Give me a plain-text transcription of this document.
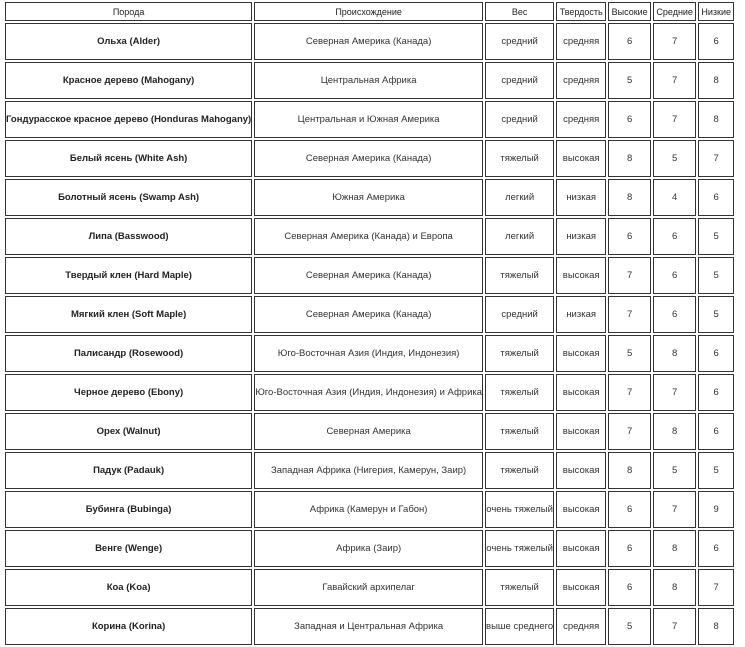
Порода	Происхождение	Вес	Твердость	Высокие	Средние	Низкие
Ольха (Alder)	Северная Америка (Канада)	средний	средняя	6	7	6
Красное дерево (Mahogany)	Центральная Африка	средний	средняя	5	7	8
Гондурасское красное дерево (Honduras Mahogany)	Центральная и Южная Америка	средний	средняя	6	7	8
Белый ясень (White Ash)	Северная Америка (Канада)	тяжелый	высокая	8	5	7
Болотный ясень (Swamp Ash)	Южная Америка	легкий	низкая	8	4	6
Липа (Basswood)	Северная Америка (Канада) и Европа	легкий	низкая	6	6	5
Твердый клен (Hard Maple)	Северная Америка (Канада)	тяжелый	высокая	7	6	5
Мягкий клен (Soft Maple)	Северная Америка (Канада)	средний	низкая	7	6	5
Палисандр (Rosewood)	Юго-Восточная Азия (Индия, Индонезия)	тяжелый	высокая	5	8	6
Черное дерево (Ebony)	Юго-Восточная Азия (Индия, Индонезия) и Африка	тяжелый	высокая	7	7	6
Орех (Walnut)	Северная Америка	тяжелый	высокая	7	8	6
Падук (Padauk)	Западная Африка (Нигерия, Камерун, Заир)	тяжелый	высокая	8	5	5
Бубинга (Bubinga)	Африка (Камерун и Габон)	очень тяжелый	высокая	6	7	9
Венге (Wenge)	Африка (Заир)	очень тяжелый	высокая	6	8	6
Коа (Koa)	Гавайский архипелаг	тяжелый	высокая	6	8	7
Корина (Korina)	Западная и Центральная Африка	выше среднего	средняя	5	7	8
